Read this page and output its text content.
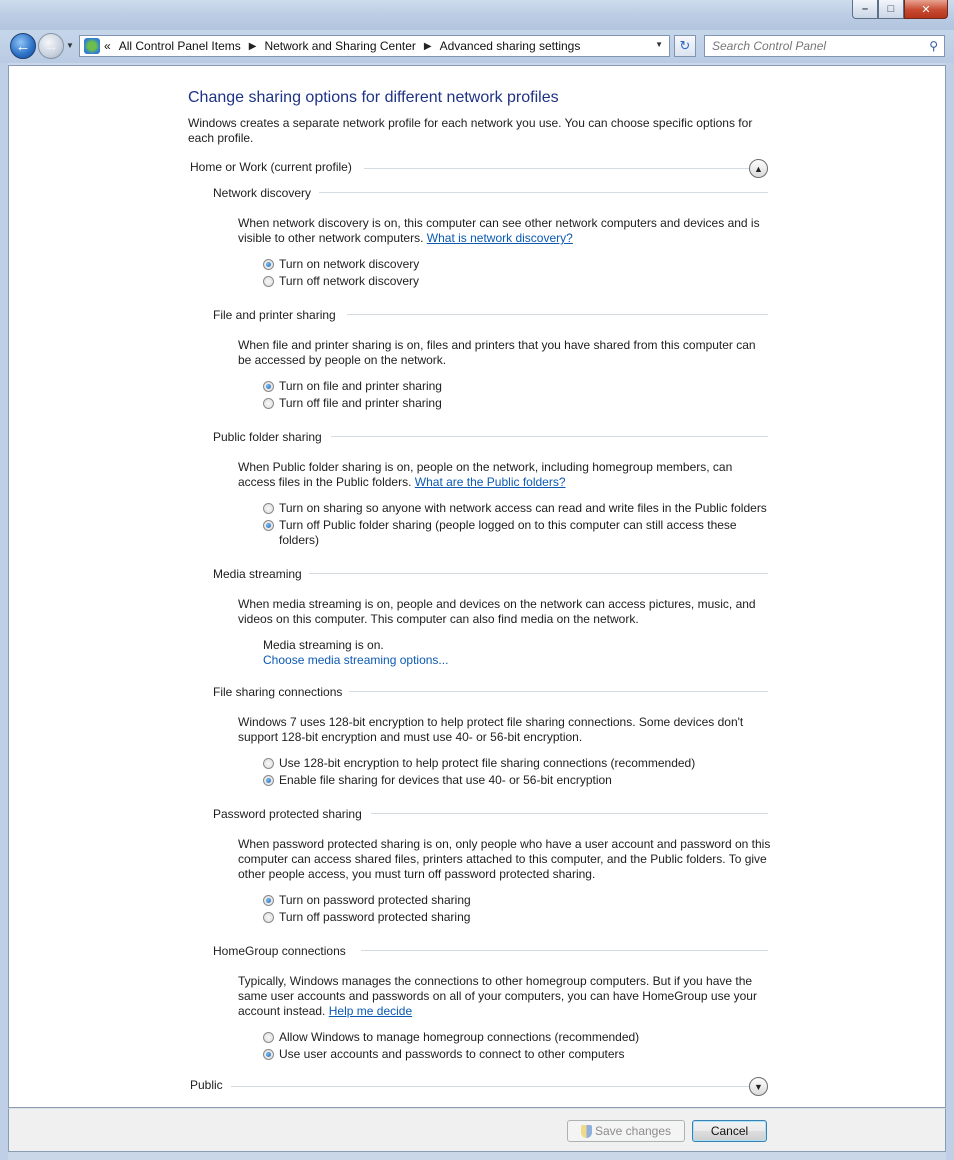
– □ ✕
← → ▼	« All Control Panel Items ▶ Network and Sharing Center ▶ Advanced sharing settings	▼ ↻ Search Control Panel	⚲
Change sharing options for different network profiles
Windows creates a separate network profile for each network you use. You can choose specific options for
each profile.
Home or Work (current profile)	▲
Network discovery
When network discovery is on, this computer can see other network computers and devices and is
visible to other network computers. What is network discovery?
Turn on network discovery
Turn off network discovery
File and printer sharing
When file and printer sharing is on, files and printers that you have shared from this computer can
be accessed by people on the network.
Turn on file and printer sharing
Turn off file and printer sharing
Public folder sharing
When Public folder sharing is on, people on the network, including homegroup members, can
access files in the Public folders. What are the Public folders?
Turn on sharing so anyone with network access can read and write files in the Public folders
Turn off Public folder sharing (people logged on to this computer can still access these
folders)
Media streaming
When media streaming is on, people and devices on the network can access pictures, music, and
videos on this computer. This computer can also find media on the network.
Media streaming is on.
Choose media streaming options...
File sharing connections
Windows 7 uses 128-bit encryption to help protect file sharing connections. Some devices don't
support 128-bit encryption and must use 40- or 56-bit encryption.
Use 128-bit encryption to help protect file sharing connections (recommended)
Enable file sharing for devices that use 40- or 56-bit encryption
Password protected sharing
When password protected sharing is on, only people who have a user account and password on this
computer can access shared files, printers attached to this computer, and the Public folders. To give
other people access, you must turn off password protected sharing.
Turn on password protected sharing
Turn off password protected sharing
HomeGroup connections
Typically, Windows manages the connections to other homegroup computers. But if you have the
same user accounts and passwords on all of your computers, you can have HomeGroup use your
account instead. Help me decide
Allow Windows to manage homegroup connections (recommended)
Use user accounts and passwords to connect to other computers
Public	▼
Save changes	Cancel
